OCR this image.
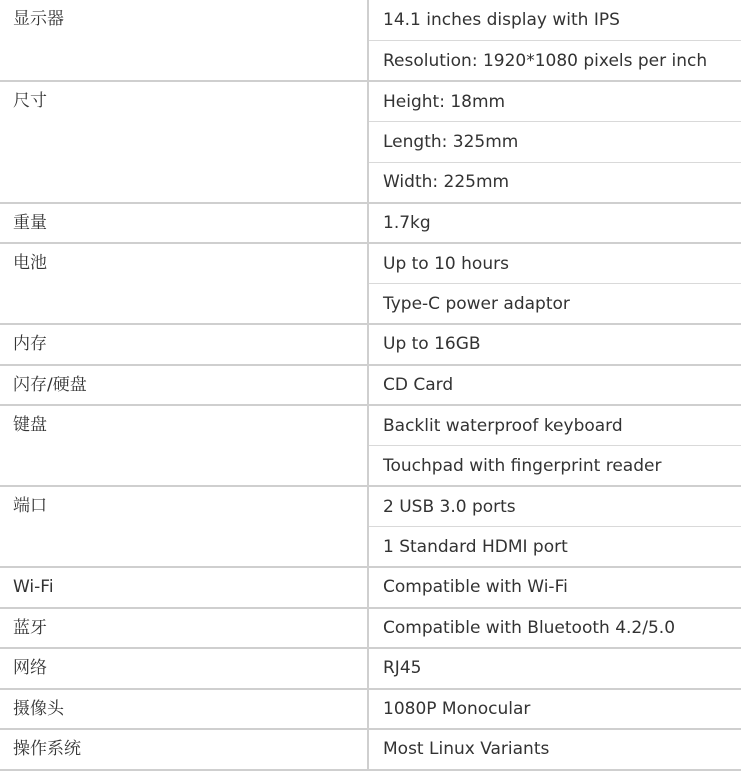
显示器	14.1 inches display with IPS
	Resolution: 1920*1080 pixels per inch
尺寸	Height: 18mm
	Length: 325mm
	Width: 225mm
重量	1.7kg
电池	Up to 10 hours
	Type-C power adaptor
内存	Up to 16GB
闪存/硬盘	CD Card
键盘	Backlit waterproof keyboard
	Touchpad with fingerprint reader
端口	2 USB 3.0 ports
	1 Standard HDMI port
Wi-Fi	Compatible with Wi-Fi
蓝牙	Compatible with Bluetooth 4.2/5.0
网络	RJ45
摄像头	1080P Monocular
操作系统	Most Linux Variants
